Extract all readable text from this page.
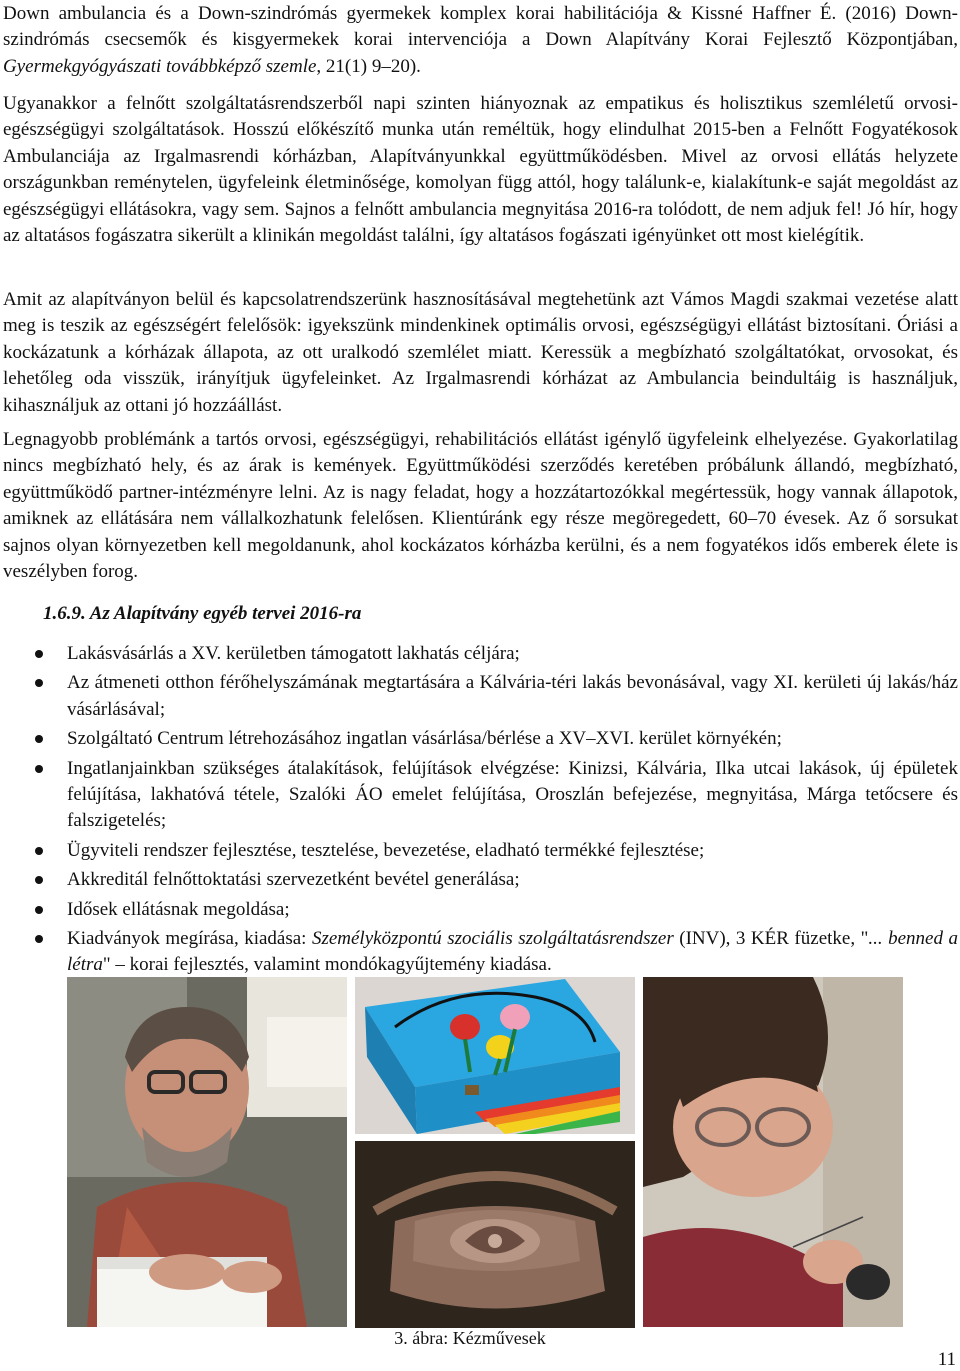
Down ambulancia és a Down-szindrómás gyermekek komplex korai habilitációja & Kissné Haffner É. (2016) Down-szindrómás csecsemők és kisgyermekek korai intervenciója a Down Alapítvány Korai Fejlesztő Központjában, Gyermekgyógyászati továbbképző szemle, 21(1) 9–20).

Ugyanakkor a felnőtt szolgáltatásrendszerből napi szinten hiányoznak az empatikus és holisztikus szemléletű orvosi-egészségügyi szolgáltatások. Hosszú előkészítő munka után reméltük, hogy elindulhat 2015-ben a Felnőtt Fogyatékosok Ambulanciája az Irgalmasrendi kórházban, Alapítványunkkal együttműködésben. Mivel az orvosi ellátás helyzete országunkban reménytelen, ügyfeleink életminősége, komolyan függ attól, hogy találunk-e, kialakítunk-e saját megoldást az egészségügyi ellátásokra, vagy sem. Sajnos a felnőtt ambulancia megnyitása 2016-ra tolódott, de nem adjuk fel! Jó hír, hogy az altatásos fogászatra sikerült a klinikán megoldást találni, így altatásos fogászati igényünket ott most kielégítik.

Amit az alapítványon belül és kapcsolatrendszerünk hasznosításával megtehetünk azt Vámos Magdi szakmai vezetése alatt meg is teszik az egészségért felelősök: igyekszünk mindenkinek optimális orvosi, egészségügyi ellátást biztosítani. Óriási a kockázatunk a kórházak állapota, az ott uralkodó szemlélet miatt. Keressük a megbízható szolgáltatókat, orvosokat, és lehetőleg oda visszük, irányítjuk ügyfeleinket. Az Irgalmasrendi kórházat az Ambulancia beindultáig is használjuk, kihasználjuk az ottani jó hozzáállást.

Legnagyobb problémánk a tartós orvosi, egészségügyi, rehabilitációs ellátást igénylő ügyfeleink elhelyezése. Gyakorlatilag nincs megbízható hely, és az árak is kemények. Együttműködési szerződés keretében próbálunk állandó, megbízható, együttműködő partner-intézményre lelni. Az is nagy feladat, hogy a hozzátartozókkal megértessük, hogy vannak állapotok, amiknek az ellátására nem vállalkozhatunk felelősen. Klientúránk egy része megöregedett, 60–70 évesek. Az ő sorsukat sajnos olyan környezetben kell megoldanunk, ahol kockázatos kórházba kerülni, és a nem fogyatékos idős emberek élete is veszélyben forog.

1.6.9. Az Alapítvány egyéb tervei 2016-ra
Lakásvásárlás a XV. kerületben támogatott lakhatás céljára;
Az átmeneti otthon férőhelyszámának megtartására a Kálvária-téri lakás bevonásával, vagy XI. kerületi új lakás/ház vásárlásával;
Szolgáltató Centrum létrehozásához ingatlan vásárlása/bérlése a XV–XVI. kerület környékén;
Ingatlanjainkban szükséges átalakítások, felújítások elvégzése: Kinizsi, Kálvária, Ilka utcai lakások, új épületek felújítása, lakhatóvá tétele, Szalóki ÁO emelet felújítása, Oroszlán befejezése, megnyitása, Márga tetőcsere és falszigetelés;
Ügyviteli rendszer fejlesztése, tesztelése, bevezetése, eladható termékké fejlesztése;
Akkreditál felnőttoktatási szervezetként bevétel generálása;
Idősek ellátásnak megoldása;
Kiadványok megírása, kiadása: Személyközpontú szociális szolgáltatásrendszer (INV), 3 KÉR füzetke, "... benned a létra" – korai fejlesztés, valamint mondókagyűjtemény kiadása.
3. ábra: Kézművesek
11
